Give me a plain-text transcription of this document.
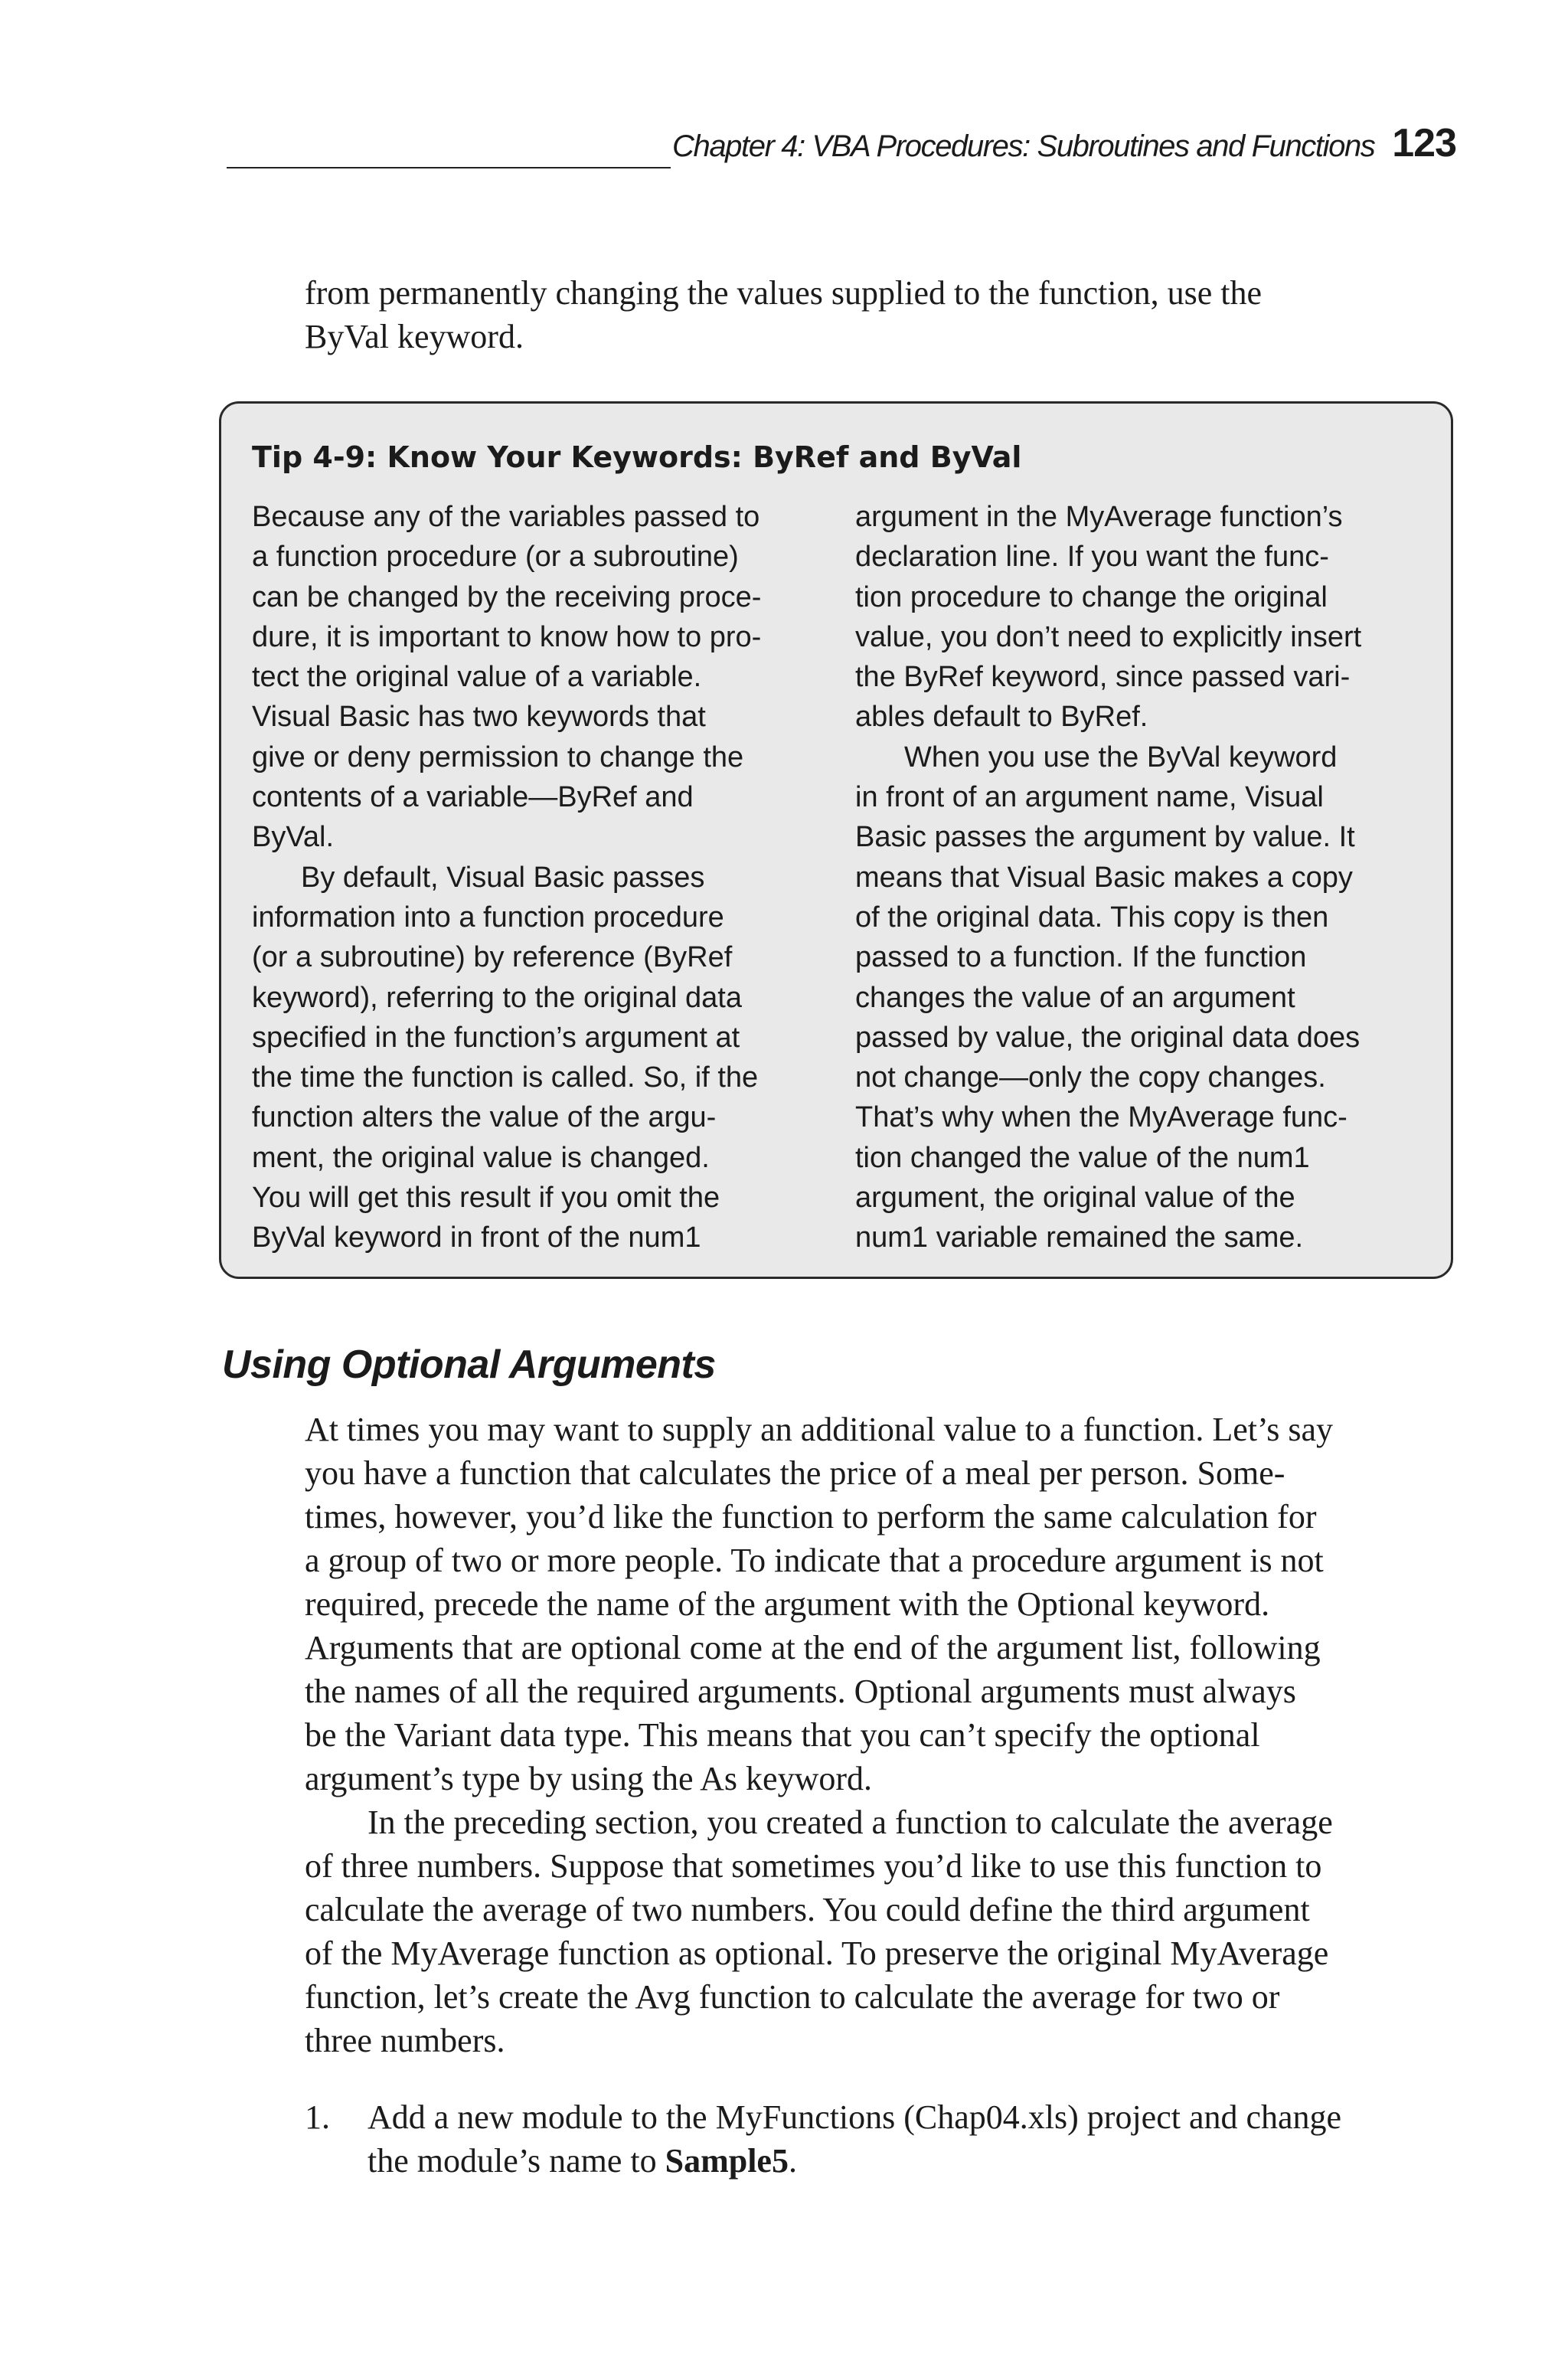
Chapter 4: VBA Procedures: Subroutines and Functions 123

from permanently changing the values supplied to the function, use the
ByVal keyword.

Tip 4-9: Know Your Keywords: ByRef and ByVal

Because any of the variables passed to
a function procedure (or a subroutine)
can be changed by the receiving proce-
dure, it is important to know how to pro-
tect the original value of a variable.
Visual Basic has two keywords that
give or deny permission to change the
contents of a variable—ByRef and
ByVal.

By default, Visual Basic passes
information into a function procedure
(or a subroutine) by reference (ByRef
keyword), referring to the original data
specified in the function’s argument at
the time the function is called. So, if the
function alters the value of the argu-
ment, the original value is changed.
You will get this result if you omit the
ByVal keyword in front of the num1

argument in the MyAverage function’s
declaration line. If you want the func-
tion procedure to change the original
value, you don’t need to explicitly insert
the ByRef keyword, since passed vari-
ables default to ByRef.

When you use the ByVal keyword
in front of an argument name, Visual
Basic passes the argument by value. It
means that Visual Basic makes a copy
of the original data. This copy is then
passed to a function. If the function
changes the value of an argument
passed by value, the original data does
not change—only the copy changes.
That’s why when the MyAverage func-
tion changed the value of the num1
argument, the original value of the
num1 variable remained the same.

Using Optional Arguments

At times you may want to supply an additional value to a function. Let’s say
you have a function that calculates the price of a meal per person. Some-
times, however, you’d like the function to perform the same calculation for
a group of two or more people. To indicate that a procedure argument is not
required, precede the name of the argument with the Optional keyword.
Arguments that are optional come at the end of the argument list, following
the names of all the required arguments. Optional arguments must always
be the Variant data type. This means that you can’t specify the optional
argument’s type by using the As keyword.

In the preceding section, you created a function to calculate the average
of three numbers. Suppose that sometimes you’d like to use this function to
calculate the average of two numbers. You could define the third argument
of the MyAverage function as optional. To preserve the original MyAverage
function, let’s create the Avg function to calculate the average for two or
three numbers.

1. Add a new module to the MyFunctions (Chap04.xls) project and change
the module’s name to Sample5.
